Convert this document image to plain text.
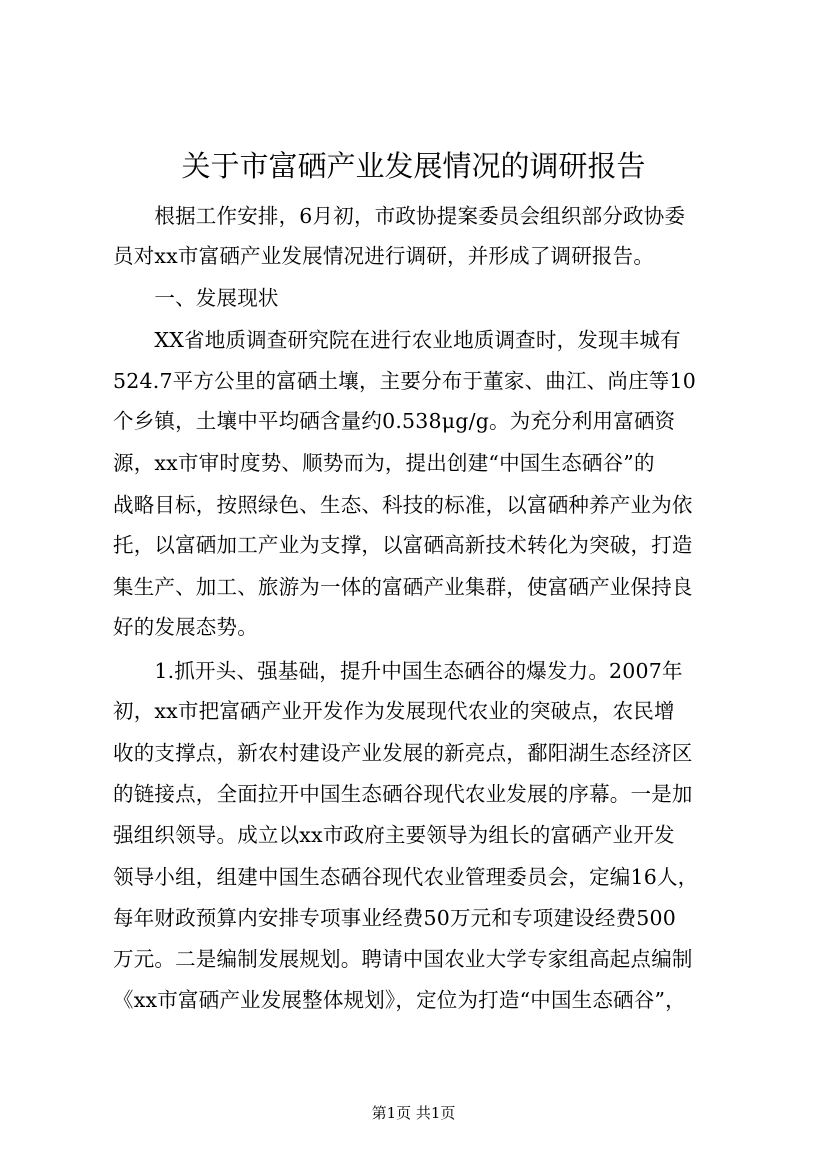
关于市富硒产业发展情况的调研报告
　　根据工作安排，6月初，市政协提案委员会组织部分政协委
员对xx市富硒产业发展情况进行调研，并形成了调研报告。
　　一、发展现状
　　XX省地质调查研究院在进行农业地质调查时，发现丰城有
524.7平方公里的富硒土壤，主要分布于董家、曲江、尚庄等10
个乡镇，土壤中平均硒含量约0.538μg/g。为充分利用富硒资
源，xx市审时度势、顺势而为，提出创建“中国生态硒谷”的
战略目标，按照绿色、生态、科技的标准，以富硒种养产业为依
托，以富硒加工产业为支撑，以富硒高新技术转化为突破，打造
集生产、加工、旅游为一体的富硒产业集群，使富硒产业保持良
好的发展态势。
　　1.抓开头、强基础，提升中国生态硒谷的爆发力。2007年
初，xx市把富硒产业开发作为发展现代农业的突破点，农民增
收的支撑点，新农村建设产业发展的新亮点，鄱阳湖生态经济区
的链接点，全面拉开中国生态硒谷现代农业发展的序幕。一是加
强组织领导。成立以xx市政府主要领导为组长的富硒产业开发
领导小组，组建中国生态硒谷现代农业管理委员会，定编16人，
每年财政预算内安排专项事业经费50万元和专项建设经费500
万元。二是编制发展规划。聘请中国农业大学专家组高起点编制
《xx市富硒产业发展整体规划》，定位为打造“中国生态硒谷”，
第1页 共1页
